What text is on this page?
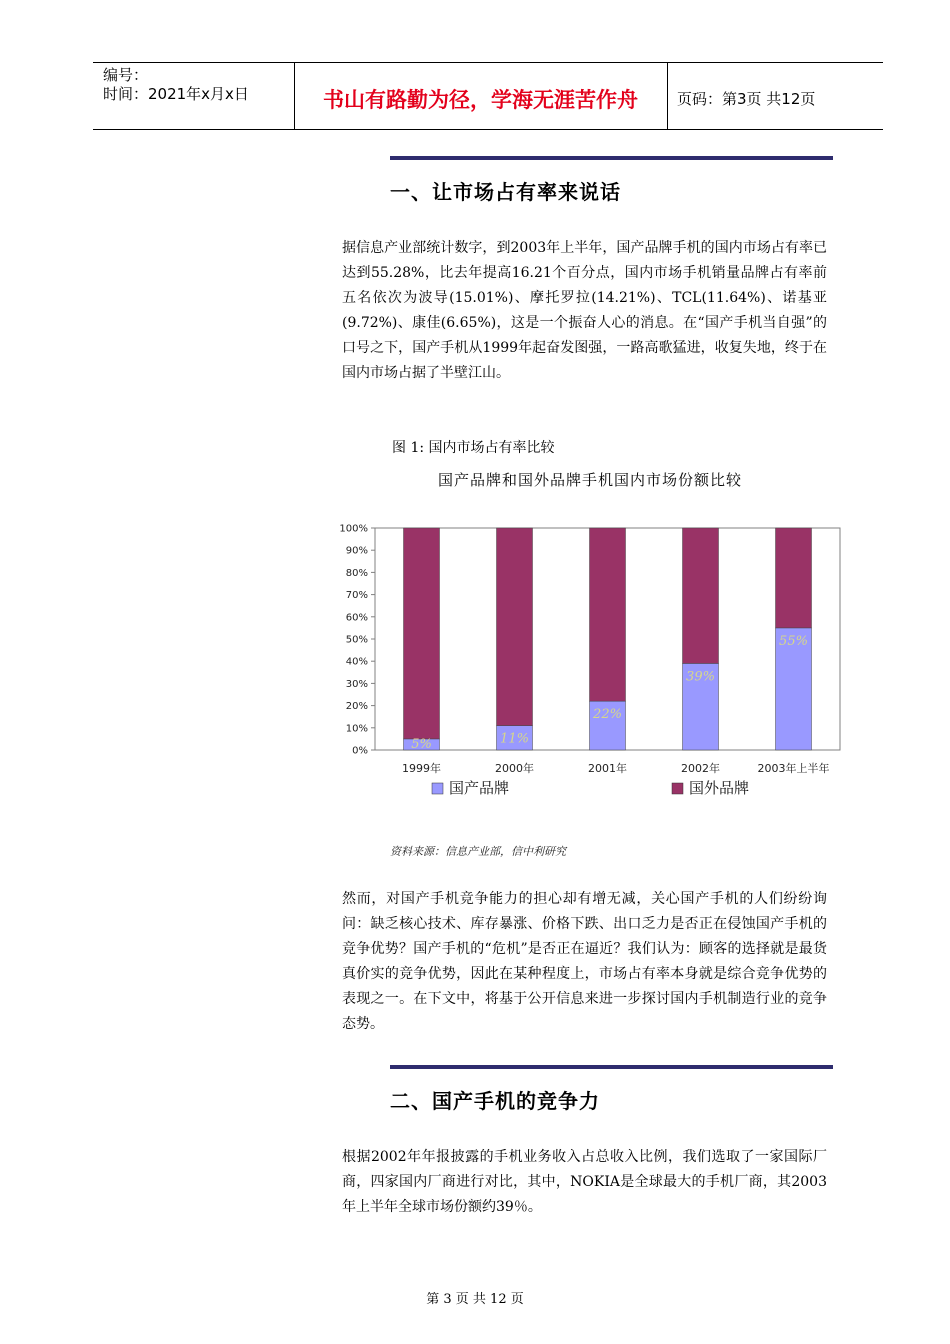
编号：
时间：2021年x月x日	书山有路勤为径，学海无涯苦作舟	页码：第3页 共12页
一、让市场占有率来说话
据信息产业部统计数字，到2003年上半年，国产品牌手机的国内市场占有率已达到55.28%，比去年提高16.21个百分点，国内市场手机销量品牌占有率前五名依次为波导(15.01%)、摩托罗拉(14.21%)、TCL(11.64%)、诺基亚(9.72%)、康佳(6.65%)，这是一个振奋人心的消息。在“国产手机当自强”的口号之下，国产手机从1999年起奋发图强，一路高歌猛进，收复失地，终于在国内市场占据了半壁江山。
图 1: 国内市场占有率比较
国产品牌和国外品牌手机国内市场份额比较
0%
10%
20%
30%
40%
50%
60%
70%
80%
90%
100%
5%
1999年
11%
2000年
22%
2001年
39%
2002年
55%
2003年上半年
国产品牌	国外品牌
资料来源：信息产业部，信中利研究
然而，对国产手机竞争能力的担心却有增无减，关心国产手机的人们纷纷询问：缺乏核心技术、库存暴涨、价格下跌、出口乏力是否正在侵蚀国产手机的竞争优势？国产手机的“危机”是否正在逼近？我们认为：顾客的选择就是最货真价实的竞争优势，因此在某种程度上，市场占有率本身就是综合竞争优势的表现之一。在下文中，将基于公开信息来进一步探讨国内手机制造行业的竞争态势。
二、国产手机的竞争力
根据2002年年报披露的手机业务收入占总收入比例，我们选取了一家国际厂商，四家国内厂商进行对比，其中，NOKIA是全球最大的手机厂商，其2003年上半年全球市场份额约39％。
第 3 页 共 12 页
